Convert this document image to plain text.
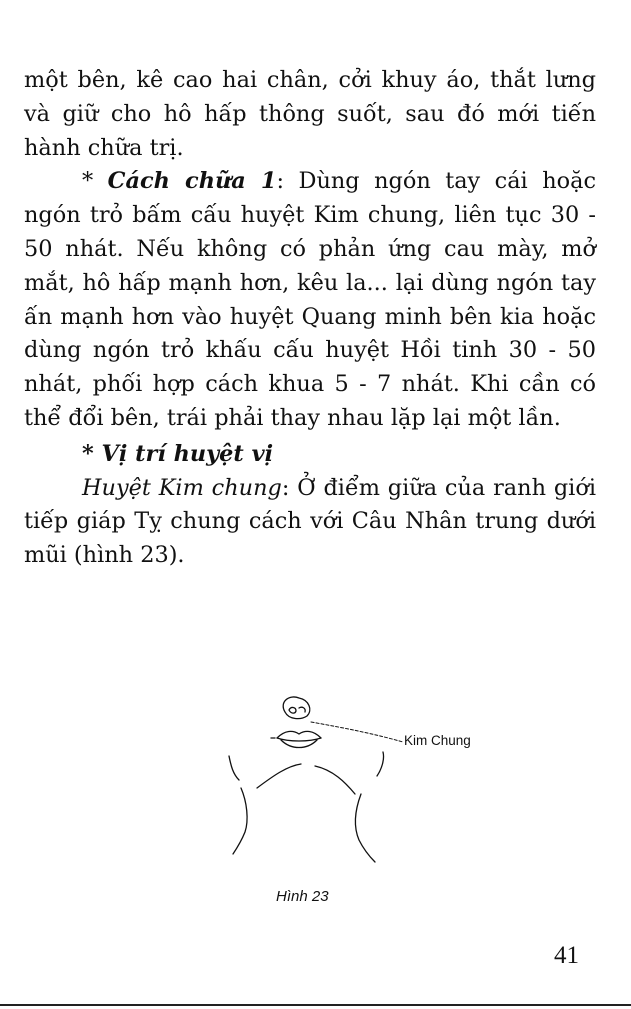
một bên, kê cao hai chân, cởi khuy áo, thắt lưng và giữ cho hô hấp thông suốt, sau đó mới tiến hành chữa trị.

* Cách chữa 1: Dùng ngón tay cái hoặc ngón trỏ bấm cấu huyệt Kim chung, liên tục 30 - 50 nhát. Nếu không có phản ứng cau mày, mở mắt, hô hấp mạnh hơn, kêu la... lại dùng ngón tay ấn mạnh hơn vào huyệt Quang minh bên kia hoặc dùng ngón trỏ khấu cấu huyệt Hồi tinh 30 - 50 nhát, phối hợp cách khua 5 - 7 nhát. Khi cần có thể đổi bên, trái phải thay nhau lặp lại một lần.

* Vị trí huyệt vị

Huyệt Kim chung: Ở điểm giữa của ranh giới tiếp giáp Tỵ chung cách với Câu Nhân trung dưới mũi (hình 23).

Kim Chung
Hình 23
41
